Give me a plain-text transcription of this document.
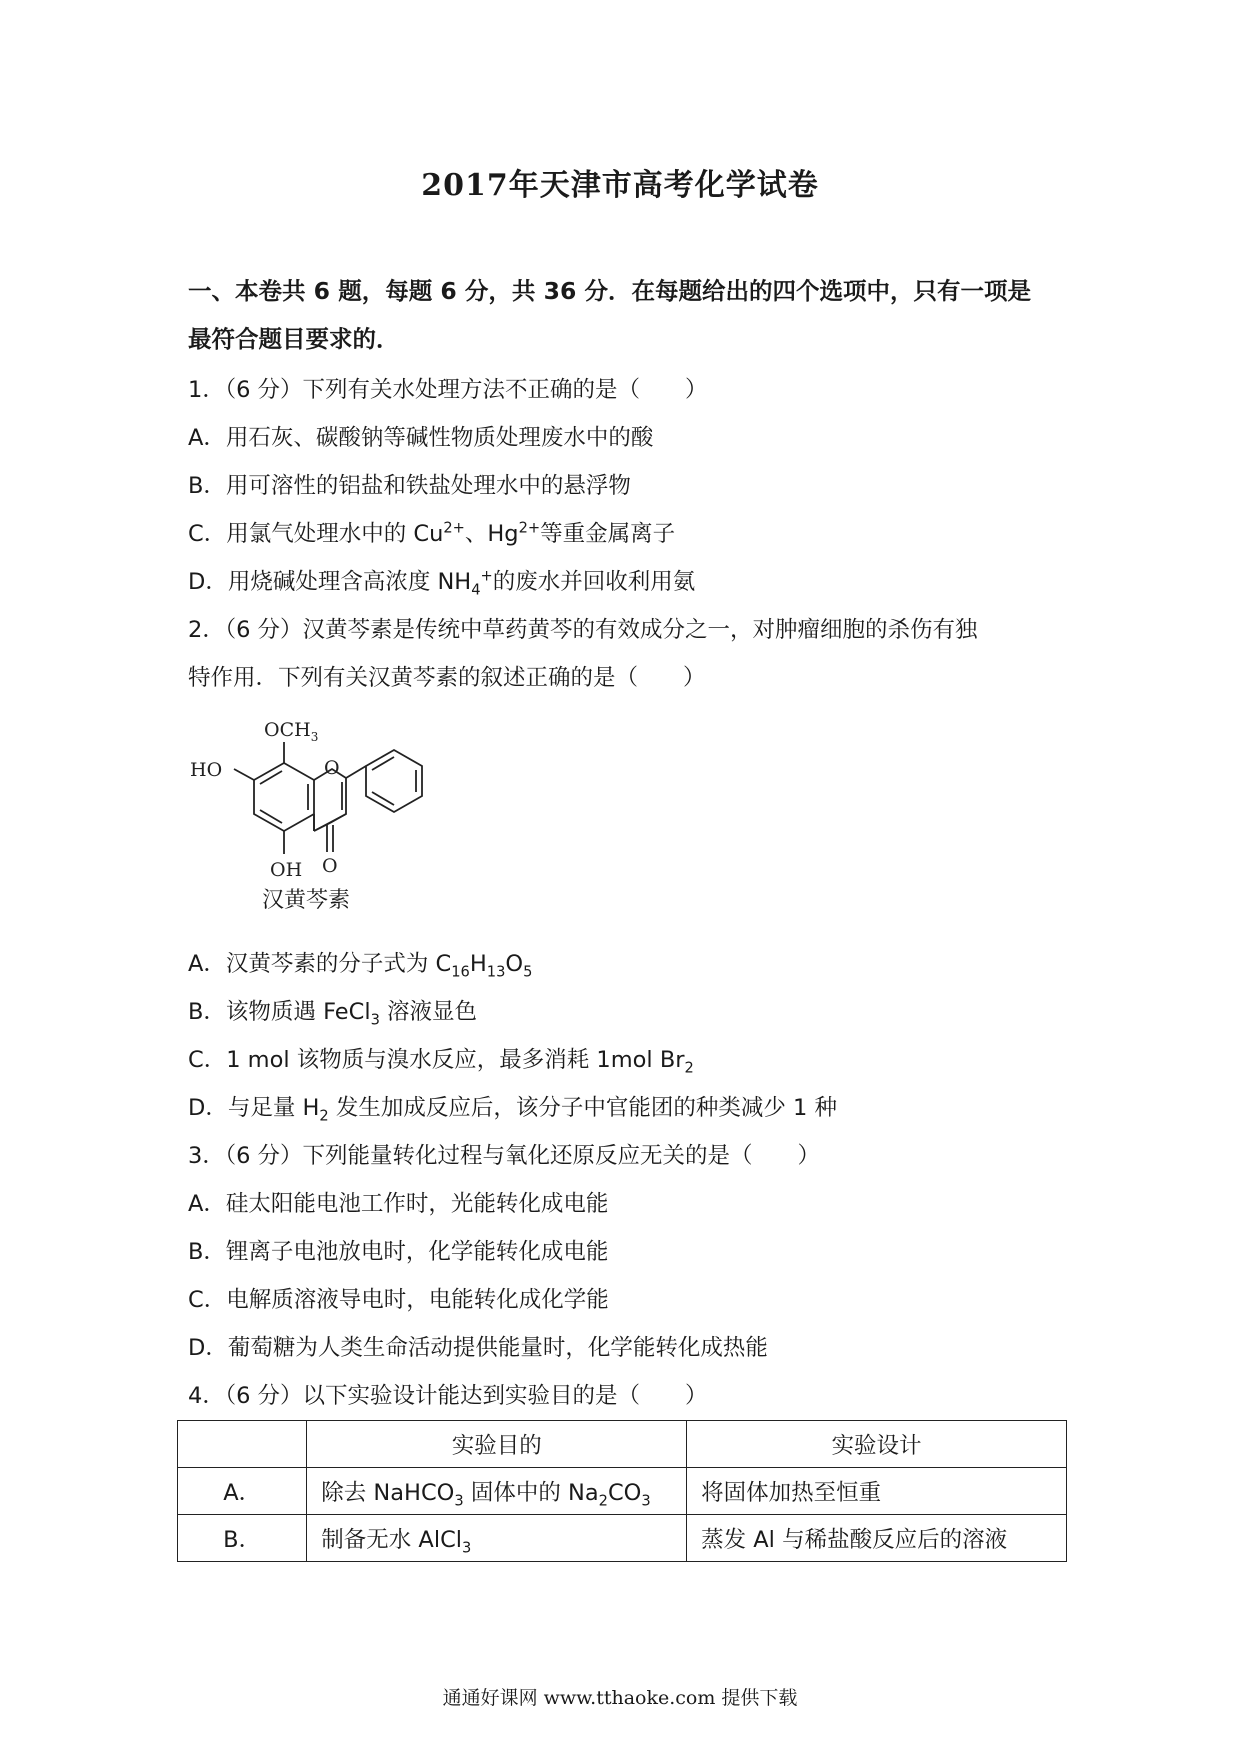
2017年天津市高考化学试卷
一、本卷共 6 题，每题 6 分，共 36 分．在每题给出的四个选项中，只有一项是
最符合题目要求的．
1．（6 分）下列有关水处理方法不正确的是（　　）
A．用石灰、碳酸钠等碱性物质处理废水中的酸
B．用可溶性的铝盐和铁盐处理水中的悬浮物
C．用氯气处理水中的 $Cu^{2+}$、$Hg^{2+}$等重金属离子
D．用烧碱处理含高浓度 $NH_4^+$的废水并回收利用氨
2．（6 分）汉黄芩素是传统中草药黄芩的有效成分之一，对肿瘤细胞的杀伤有独
特作用．下列有关汉黄芩素的叙述正确的是（　　）
$OCH_3$
HO	O
OH O
汉黄芩素
A．汉黄芩素的分子式为 $C_{16}H_{13}O_5$
B．该物质遇 FeCl$_3$ 溶液显色
C．1 mol 该物质与溴水反应，最多消耗 1mol $Br_2$
D．与足量 $H_2$ 发生加成反应后，该分子中官能团的种类减少 1 种
3．（6 分）下列能量转化过程与氧化还原反应无关的是（　　）
A．硅太阳能电池工作时，光能转化成电能
B．锂离子电池放电时，化学能转化成电能
C．电解质溶液导电时，电能转化成化学能
D．葡萄糖为人类生命活动提供能量时，化学能转化成热能
4．（6 分）以下实验设计能达到实验目的是（　　）
	实验目的	实验设计
A．	除去 NaHCO$_3$ 固体中的 $Na_2CO_3$	将固体加热至恒重
B．	制备无水 AlCl$_3$	蒸发 Al 与稀盐酸反应后的溶液
通通好课网 www.tthaoke.com 提供下载
